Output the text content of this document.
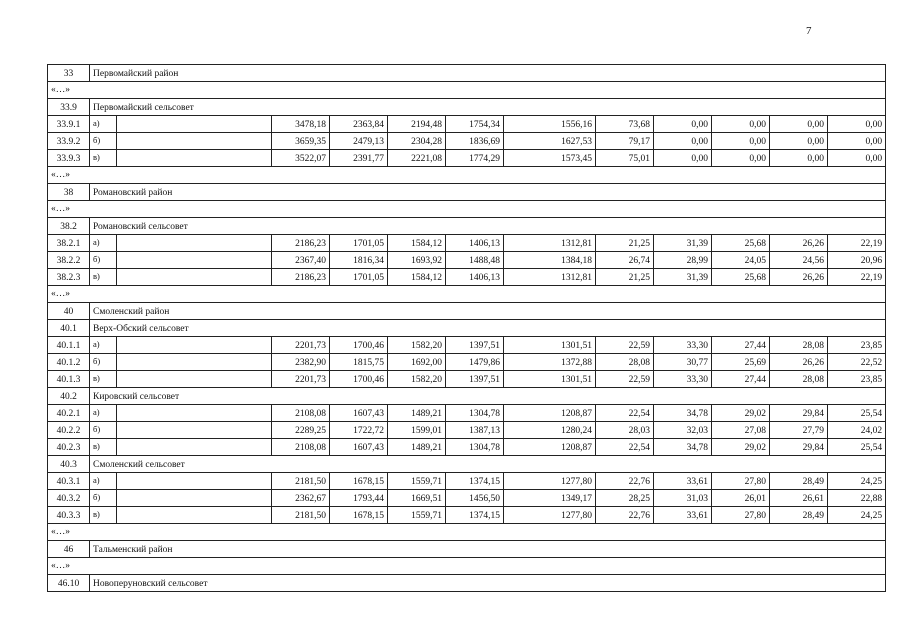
7
33	Первомайский район												
«…»													
33.9	Первомайский сельсовет												
33.9.1	а)		3478,18	2363,84	2194,48	1754,34	1556,16	73,68	0,00	0,00	0,00	0,00	
33.9.2	б)		3659,35	2479,13	2304,28	1836,69	1627,53	79,17	0,00	0,00	0,00	0,00	
33.9.3	в)		3522,07	2391,77	2221,08	1774,29	1573,45	75,01	0,00	0,00	0,00	0,00	
«…»													
38	Романовский район												
«…»													
38.2	Романовский сельсовет												
38.2.1	а)		2186,23	1701,05	1584,12	1406,13	1312,81	21,25	31,39	25,68	26,26	22,19	
38.2.2	б)		2367,40	1816,34	1693,92	1488,48	1384,18	26,74	28,99	24,05	24,56	20,96	
38.2.3	в)		2186,23	1701,05	1584,12	1406,13	1312,81	21,25	31,39	25,68	26,26	22,19	
«…»													
40	Смоленский район												
40.1	Верх-Обский сельсовет												
40.1.1	а)		2201,73	1700,46	1582,20	1397,51	1301,51	22,59	33,30	27,44	28,08	23,85	
40.1.2	б)		2382,90	1815,75	1692,00	1479,86	1372,88	28,08	30,77	25,69	26,26	22,52	
40.1.3	в)		2201,73	1700,46	1582,20	1397,51	1301,51	22,59	33,30	27,44	28,08	23,85	
40.2	Кировский сельсовет												
40.2.1	а)		2108,08	1607,43	1489,21	1304,78	1208,87	22,54	34,78	29,02	29,84	25,54	
40.2.2	б)		2289,25	1722,72	1599,01	1387,13	1280,24	28,03	32,03	27,08	27,79	24,02	
40.2.3	в)		2108,08	1607,43	1489,21	1304,78	1208,87	22,54	34,78	29,02	29,84	25,54	
40.3	Смоленский сельсовет												
40.3.1	а)		2181,50	1678,15	1559,71	1374,15	1277,80	22,76	33,61	27,80	28,49	24,25	
40.3.2	б)		2362,67	1793,44	1669,51	1456,50	1349,17	28,25	31,03	26,01	26,61	22,88	
40.3.3	в)		2181,50	1678,15	1559,71	1374,15	1277,80	22,76	33,61	27,80	28,49	24,25	
«…»													
46	Тальменский район												
«…»													
46.10	Новоперуновский сельсовет												
